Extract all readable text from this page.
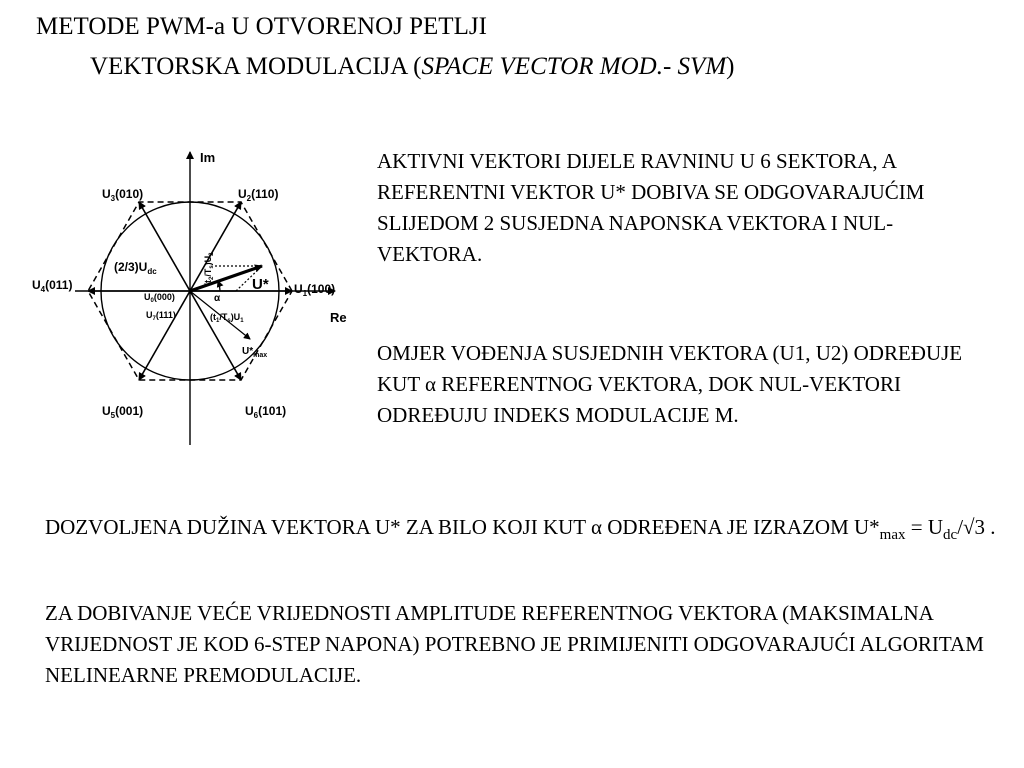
METODE PWM-a U OTVORENOJ PETLJI
VEKTORSKA MODULACIJA (SPACE VECTOR MOD.- SVM)
Im
Re
$U_3(010)$	$U_2(110)$
$U_4(011)$	$U_1(100)$
$U_5(001)$	$U_6(101)$
$(2/3)U_{dc}$
$U_0(000)$
$U_7(111)$
U*
α
$(t_1/T_s)U_1$
$(t_2/T_s)U_2$
$U*_{max}$

AKTIVNI VEKTORI DIJELE RAVNINU U 6 SEKTORA, A REFERENTNI VEKTOR U* DOBIVA SE ODGOVARAJUĆIM SLIJEDOM 2 SUSJEDNA NAPONSKA VEKTORA I NUL-VEKTORA.

OMJER VOĐENJA SUSJEDNIH VEKTORA (U1, U2) ODREĐUJE KUT α REFERENTNOG VEKTORA, DOK NUL-VEKTORI ODREĐUJU INDEKS MODULACIJE M.

DOZVOLJENA DUŽINA VEKTORA U* ZA BILO KOJI KUT α ODREĐENA JE IZRAZOM $U*_{max} = U_{dc}/√3$ .

ZA DOBIVANJE VEĆE VRIJEDNOSTI AMPLITUDE REFERENTNOG VEKTORA (MAKSIMALNA VRIJEDNOST JE KOD 6-STEP NAPONA) POTREBNO JE PRIMIJENITI ODGOVARAJUĆI ALGORITAM NELINEARNE PREMODULACIJE.
